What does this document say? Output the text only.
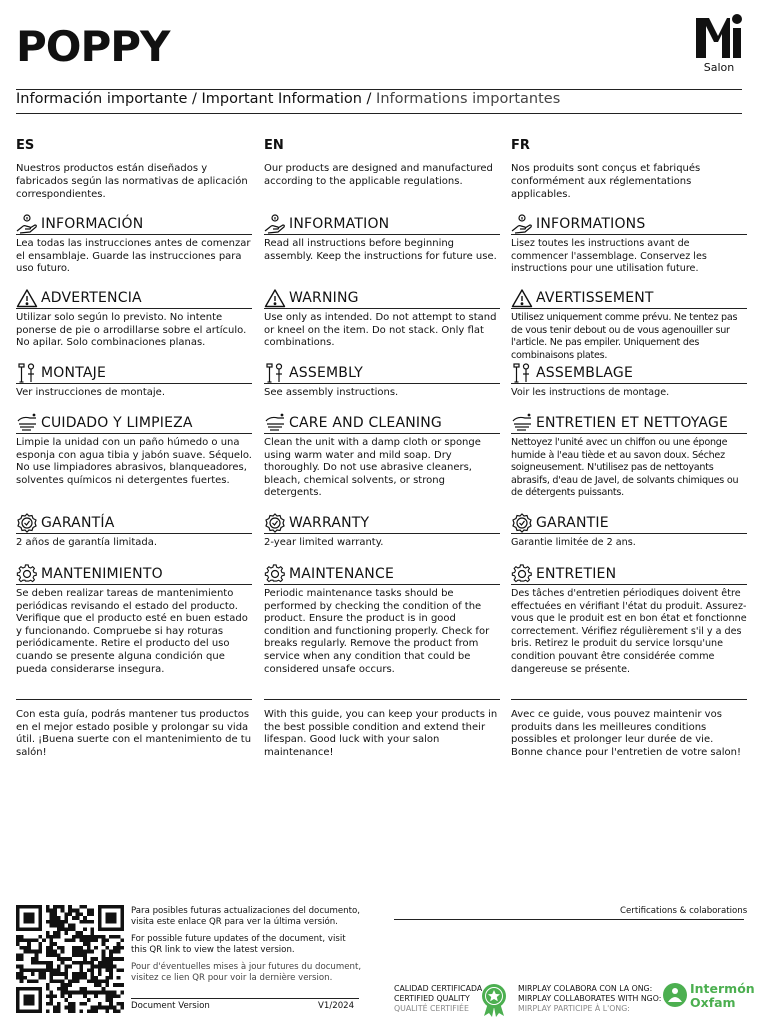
POPPY	Salon
Información importante / Important Information / Informations importantes
ES
Nuestros productos están diseñados y fabricados según las normativas de aplicación correspondientes.
INFORMACIÓN
Lea todas las instrucciones antes de comenzar el ensamblaje. Guarde las instrucciones para uso futuro.
ADVERTENCIA
Utilizar solo según lo previsto. No intente ponerse de pie o arrodillarse sobre el artículo. No apilar. Solo combinaciones planas.
MONTAJE
Ver instrucciones de montaje.
CUIDADO Y LIMPIEZA
Limpie la unidad con un paño húmedo o una esponja con agua tibia y jabón suave. Séquelo. No use limpiadores abrasivos, blanqueadores, solventes químicos ni detergentes fuertes.
GARANTÍA
2 años de garantía limitada.
MANTENIMIENTO
Se deben realizar tareas de mantenimiento periódicas revisando el estado del producto. Verifique que el producto esté en buen estado y funcionando. Compruebe si hay roturas periódicamente. Retire el producto del uso cuando se presente alguna condición que pueda considerarse insegura.
Con esta guía, podrás mantener tus productos en el mejor estado posible y prolongar su vida útil. ¡Buena suerte con el mantenimiento de tu salón!
EN
Our products are designed and manufactured according to the applicable regulations.
INFORMATION
Read all instructions before beginning assembly. Keep the instructions for future use.
WARNING
Use only as intended. Do not attempt to stand or kneel on the item. Do not stack. Only flat combinations.
ASSEMBLY
See assembly instructions.
CARE AND CLEANING
Clean the unit with a damp cloth or sponge using warm water and mild soap. Dry thoroughly. Do not use abrasive cleaners, bleach, chemical solvents, or strong detergents.
WARRANTY
2-year limited warranty.
MAINTENANCE
Periodic maintenance tasks should be performed by checking the condition of the product. Ensure the product is in good condition and functioning properly. Check for breaks regularly. Remove the product from service when any condition that could be considered unsafe occurs.
With this guide, you can keep your products in the best possible condition and extend their lifespan. Good luck with your salon maintenance!
FR
Nos produits sont conçus et fabriqués conformément aux réglementations applicables.
INFORMATIONS
Lisez toutes les instructions avant de commencer l'assemblage. Conservez les instructions pour une utilisation future.
AVERTISSEMENT
Utilisez uniquement comme prévu. Ne tentez pas de vous tenir debout ou de vous agenouiller sur l'article. Ne pas empiler. Uniquement des combinaisons plates.
ASSEMBLAGE
Voir les instructions de montage.
ENTRETIEN ET NETTOYAGE
Nettoyez l'unité avec un chiffon ou une éponge humide à l'eau tiède et au savon doux. Séchez soigneusement. N'utilisez pas de nettoyants abrasifs, d'eau de Javel, de solvants chimiques ou de détergents puissants.
GARANTIE
Garantie limitée de 2 ans.
ENTRETIEN
Des tâches d'entretien périodiques doivent être effectuées en vérifiant l'état du produit. Assurez-vous que le produit est en bon état et fonctionne correctement. Vérifiez régulièrement s'il y a des bris. Retirez le produit du service lorsqu'une condition pouvant être considérée comme dangereuse se présente.
Avec ce guide, vous pouvez maintenir vos produits dans les meilleures conditions possibles et prolonger leur durée de vie. Bonne chance pour l'entretien de votre salon!
Para posibles futuras actualizaciones del documento, visita este enlace QR para ver la última versión.
For possible future updates of the document, visit this QR link to view the latest version.
Pour d'éventuelles mises à jour futures du document, visitez ce lien QR pour voir la dernière version.
Document Version	V1/2024
Certifications & colaborations
CALIDAD CERTIFICADA
CERTIFIED QUALITY
QUALITÉ CERTIFIÉE
MIRPLAY COLABORA CON LA ONG:
MIRPLAY COLLABORATES WITH NGO:
MIRPLAY PARTICIPE À L'ONG:
Intermón
Oxfam
